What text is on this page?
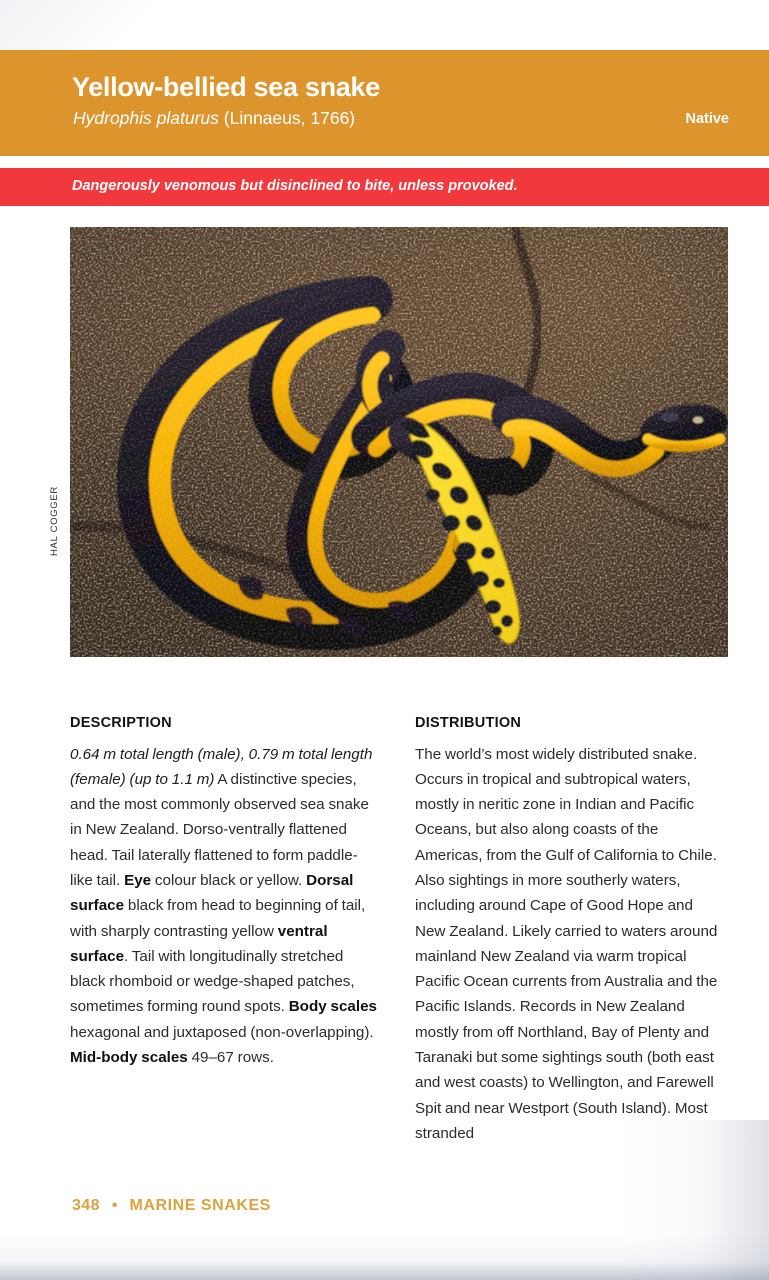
Yellow-bellied sea snake
Hydrophis platurus (Linnaeus, 1766)	Native
Dangerously venomous but disinclined to bite, unless provoked.
HAL COGGER
DESCRIPTION

0.64 m total length (male), 0.79 m total length (female) (up to 1.1 m) A distinctive species, and the most commonly observed sea snake in New Zealand. Dorso-ventrally flattened head. Tail laterally flattened to form paddle-like tail. Eye colour black or yellow. Dorsal surface black from head to beginning of tail, with sharply contrasting yellow ventral surface. Tail with longitudinally stretched black rhomboid or wedge-shaped patches, sometimes forming round spots. Body scales hexagonal and juxtaposed (non-overlapping). Mid-body scales 49–67 rows.

DISTRIBUTION

The world’s most widely distributed snake. Occurs in tropical and subtropical waters, mostly in neritic zone in Indian and Pacific Oceans, but also along coasts of the Americas, from the Gulf of California to Chile. Also sightings in more southerly waters, including around Cape of Good Hope and New Zealand. Likely carried to waters around mainland New Zealand via warm tropical Pacific Ocean currents from Australia and the Pacific Islands. Records in New Zealand mostly from off Northland, Bay of Plenty and Taranaki but some sightings south (both east and west coasts) to Wellington, and Farewell Spit and near Westport (South Island). Most stranded

348 • MARINE SNAKES
